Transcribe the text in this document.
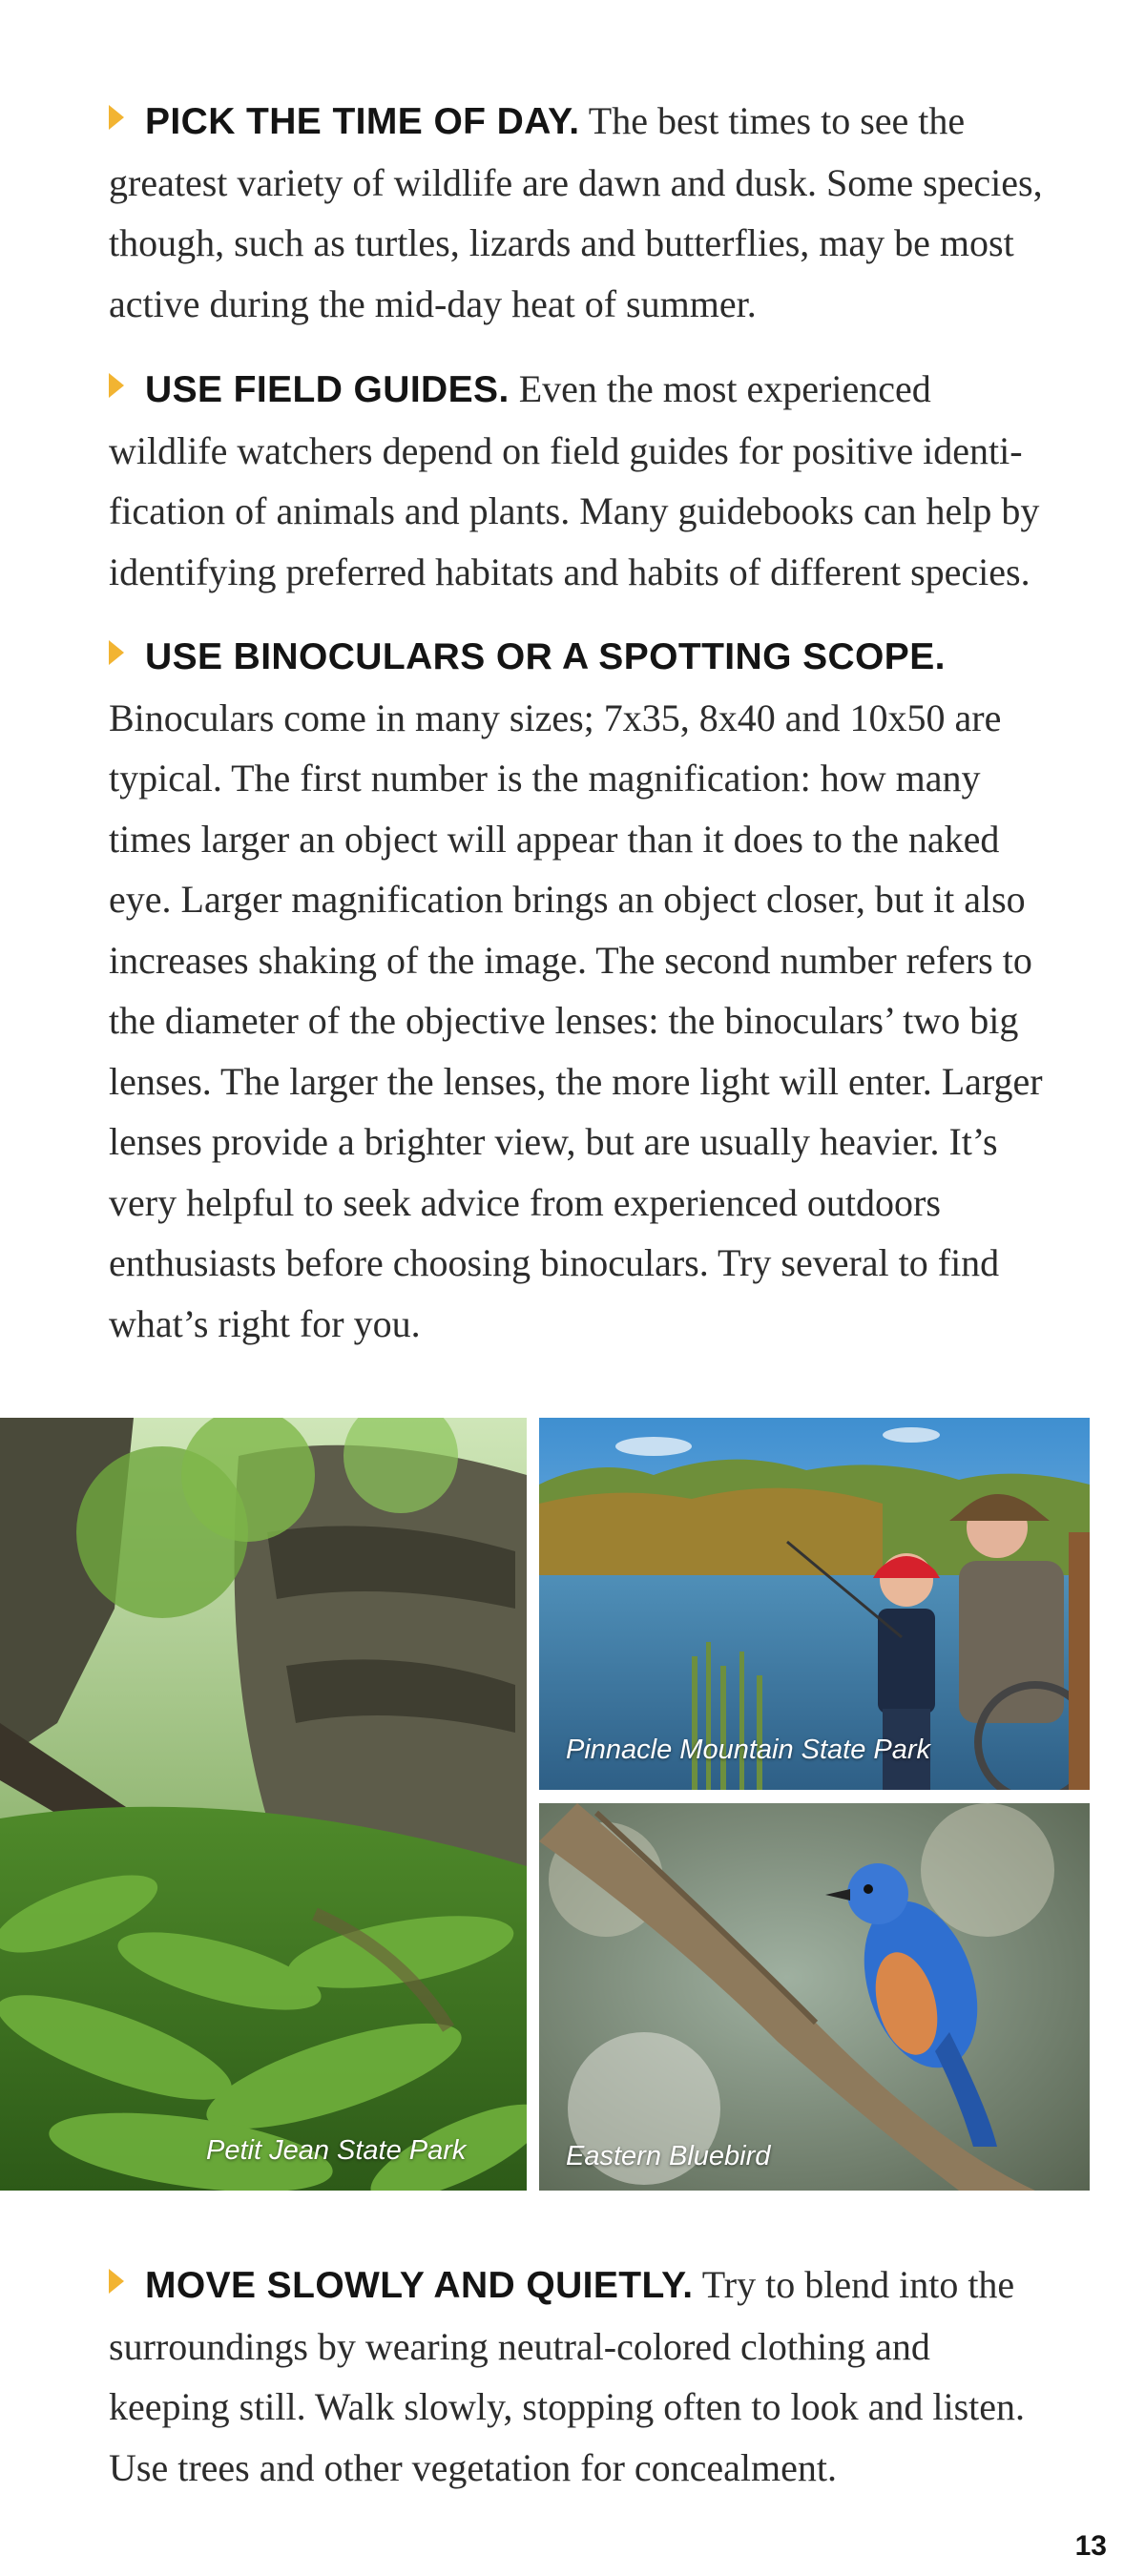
PICK THE TIME OF DAY. The best times to see the greatest variety of wildlife are dawn and dusk. Some species, though, such as turtles, lizards and butterflies, may be most active during the mid-day heat of summer.

USE FIELD GUIDES. Even the most experienced wildlife watchers depend on field guides for positive identification of animals and plants. Many guidebooks can help by identifying preferred habitats and habits of different species.

USE BINOCULARS OR A SPOTTING SCOPE. Binoculars come in many sizes; 7x35, 8x40 and 10x50 are typical. The first number is the magnification: how many times larger an object will appear than it does to the naked eye. Larger magnification brings an object closer, but it also increases shaking of the image. The second number refers to the diameter of the objective lenses: the binoculars’ two big lenses. The larger the lenses, the more light will enter. Larger lenses provide a brighter view, but are usually heavier. It’s very helpful to seek advice from experienced outdoors enthusiasts before choosing binoculars. Try several to find what’s right for you.

Petit Jean State Park
Pinnacle Mountain State Park
Eastern Bluebird

MOVE SLOWLY AND QUIETLY. Try to blend into the surroundings by wearing neutral-colored clothing and keeping still. Walk slowly, stopping often to look and listen. Use trees and other vegetation for concealment.

13
